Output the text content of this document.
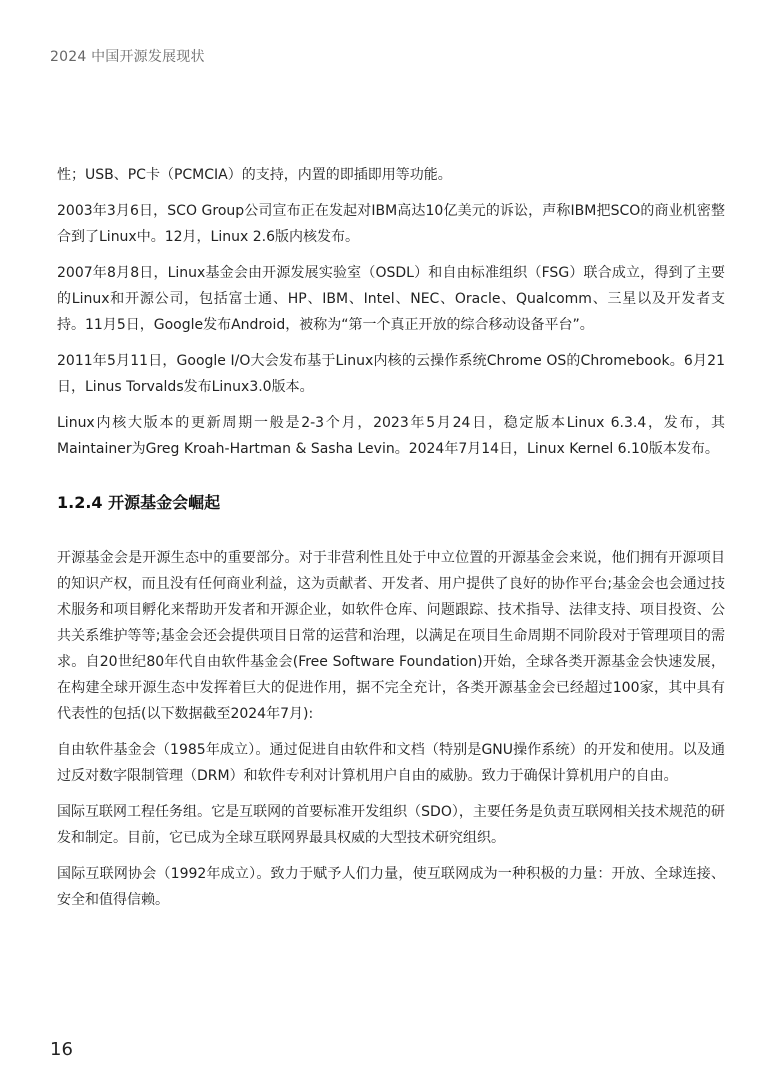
2024 中国开源发展现状

性；USB、PC卡（PCMCIA）的支持，内置的即插即用等功能。

2003年3月6日，SCO Group公司宣布正在发起对IBM高达10亿美元的诉讼，声称IBM把SCO的商业机密整合到了Linux中。12月，Linux 2.6版内核发布。

2007年8月8日，Linux基金会由开源发展实验室（OSDL）和自由标准组织（FSG）联合成立，得到了主要的Linux和开源公司，包括富士通、HP、IBM、Intel、NEC、Oracle、Qualcomm、三星以及开发者支持。11月5日，Google发布Android，被称为“第一个真正开放的综合移动设备平台”。

2011年5月11日，Google I/O大会发布基于Linux内核的云操作系统Chrome OS的Chromebook。6月21日，Linus Torvalds发布Linux3.0版本。

Linux内核大版本的更新周期一般是2-3个月，2023年5月24日，稳定版本Linux 6.3.4，发布，其Maintainer为Greg Kroah-Hartman & Sasha Levin。2024年7月14日，Linux Kernel 6.10版本发布。

1.2.4 开源基金会崛起

开源基金会是开源生态中的重要部分。对于非营利性且处于中立位置的开源基金会来说，他们拥有开源项目的知识产权，而且没有任何商业利益，这为贡献者、开发者、用户提供了良好的协作平台;基金会也会通过技术服务和项目孵化来帮助开发者和开源企业，如软件仓库、问题跟踪、技术指导、法律支持、项目投资、公共关系维护等等;基金会还会提供项目日常的运营和治理，以满足在项目生命周期不同阶段对于管理项目的需求。自20世纪80年代自由软件基金会(Free Software Foundation)开始，全球各类开源基金会快速发展，在构建全球开源生态中发挥着巨大的促进作用，据不完全充计，各类开源基金会已经超过100家，其中具有代表性的包括(以下数据截至2024年7月):

自由软件基金会（1985年成立）。通过促进自由软件和文档（特别是GNU操作系统）的开发和使用。以及通过反对数字限制管理（DRM）和软件专利对计算机用户自由的威胁。致力于确保计算机用户的自由。

国际互联网工程任务组。它是互联网的首要标准开发组织（SDO），主要任务是负责互联网相关技术规范的研发和制定。目前，它已成为全球互联网界最具权威的大型技术研究组织。

国际互联网协会（1992年成立）。致力于赋予人们力量，使互联网成为一种积极的力量：开放、全球连接、安全和值得信赖。

16
